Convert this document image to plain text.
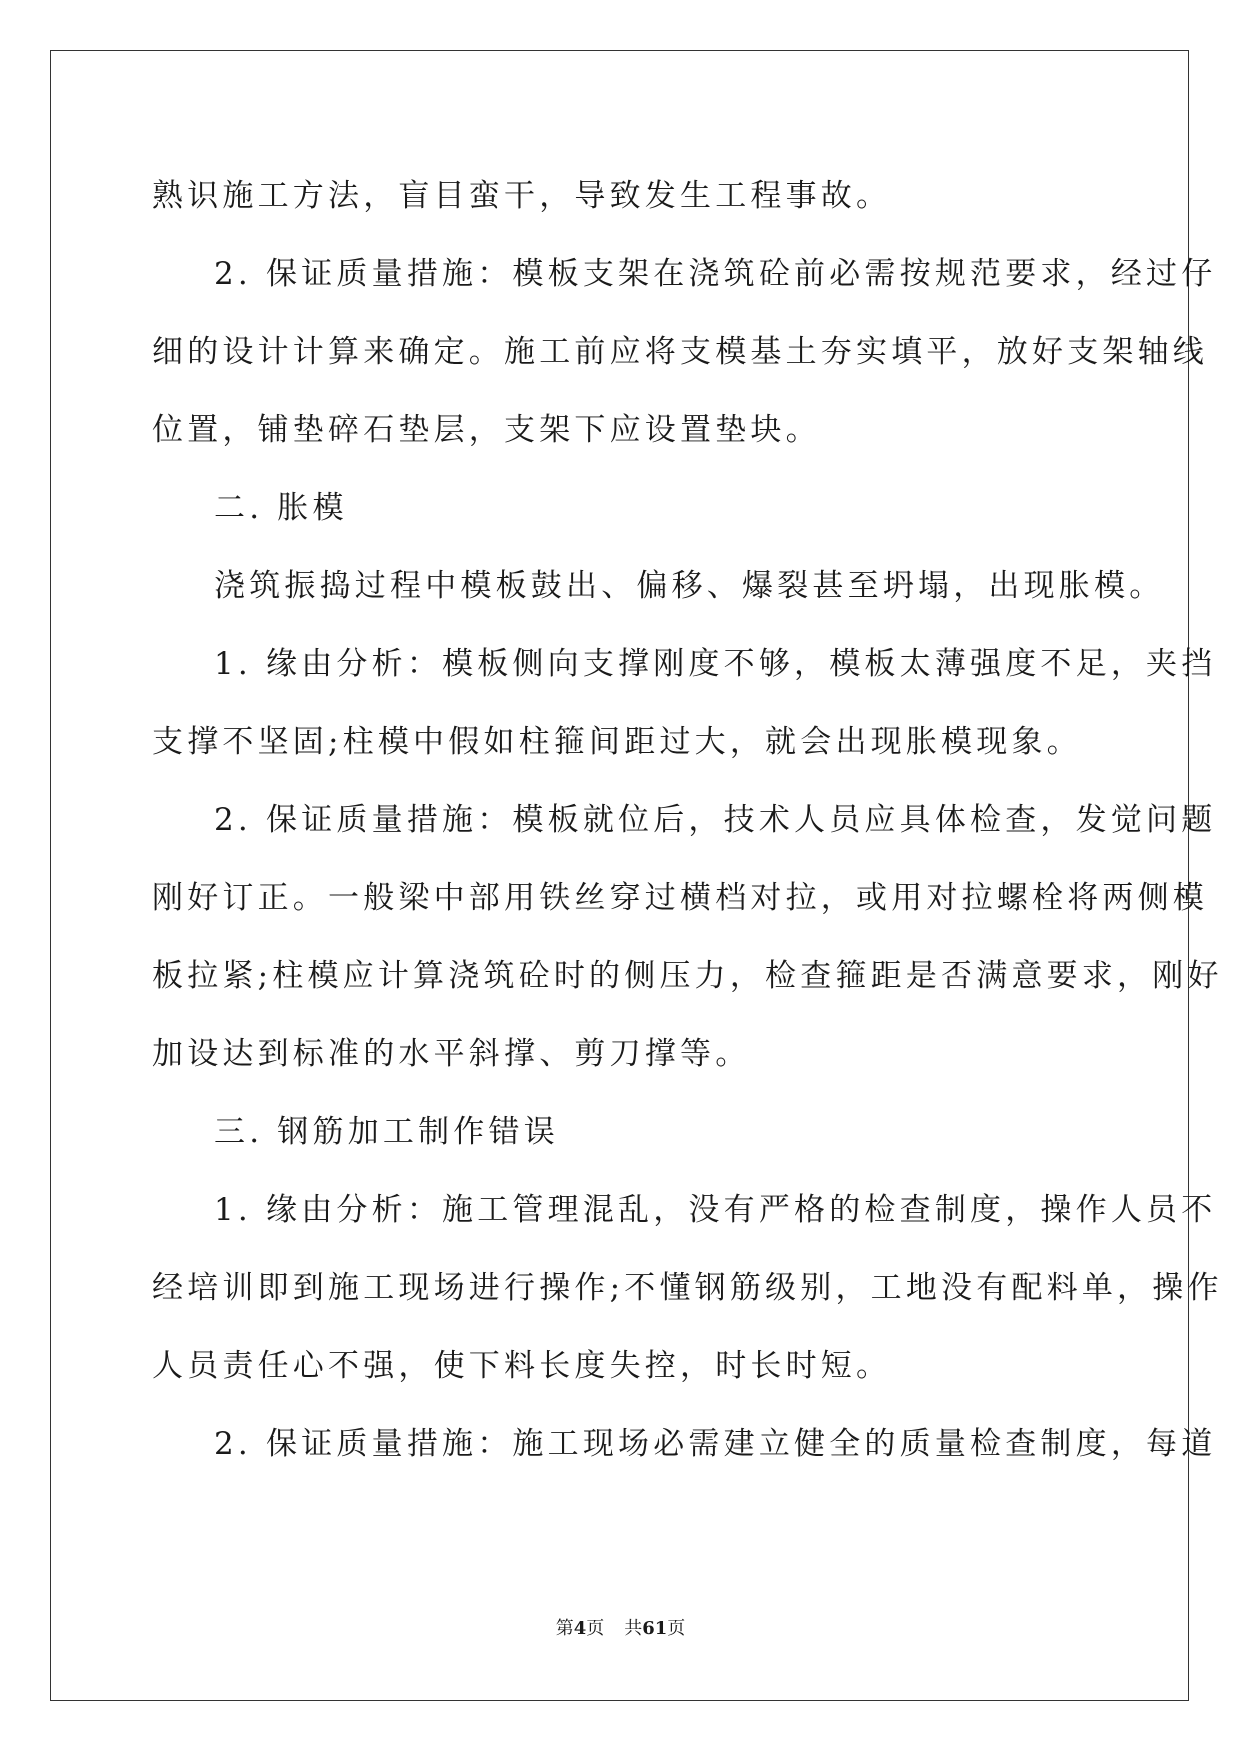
熟识施工方法，盲目蛮干，导致发生工程事故。
2. 保证质量措施：模板支架在浇筑砼前必需按规范要求，经过仔
细的设计计算来确定。施工前应将支模基土夯实填平，放好支架轴线
位置，铺垫碎石垫层，支架下应设置垫块。
二. 胀模
浇筑振捣过程中模板鼓出、偏移、爆裂甚至坍塌，出现胀模。
1. 缘由分析：模板侧向支撑刚度不够，模板太薄强度不足，夹挡
支撑不坚固;柱模中假如柱箍间距过大，就会出现胀模现象。
2. 保证质量措施：模板就位后，技术人员应具体检查，发觉问题
刚好订正。一般梁中部用铁丝穿过横档对拉，或用对拉螺栓将两侧模
板拉紧;柱模应计算浇筑砼时的侧压力，检查箍距是否满意要求，刚好
加设达到标准的水平斜撑、剪刀撑等。
三. 钢筋加工制作错误
1. 缘由分析：施工管理混乱，没有严格的检查制度，操作人员不
经培训即到施工现场进行操作;不懂钢筋级别，工地没有配料单，操作
人员责任心不强，使下料长度失控，时长时短。
2. 保证质量措施：施工现场必需建立健全的质量检查制度，每道
第4页 共61页
